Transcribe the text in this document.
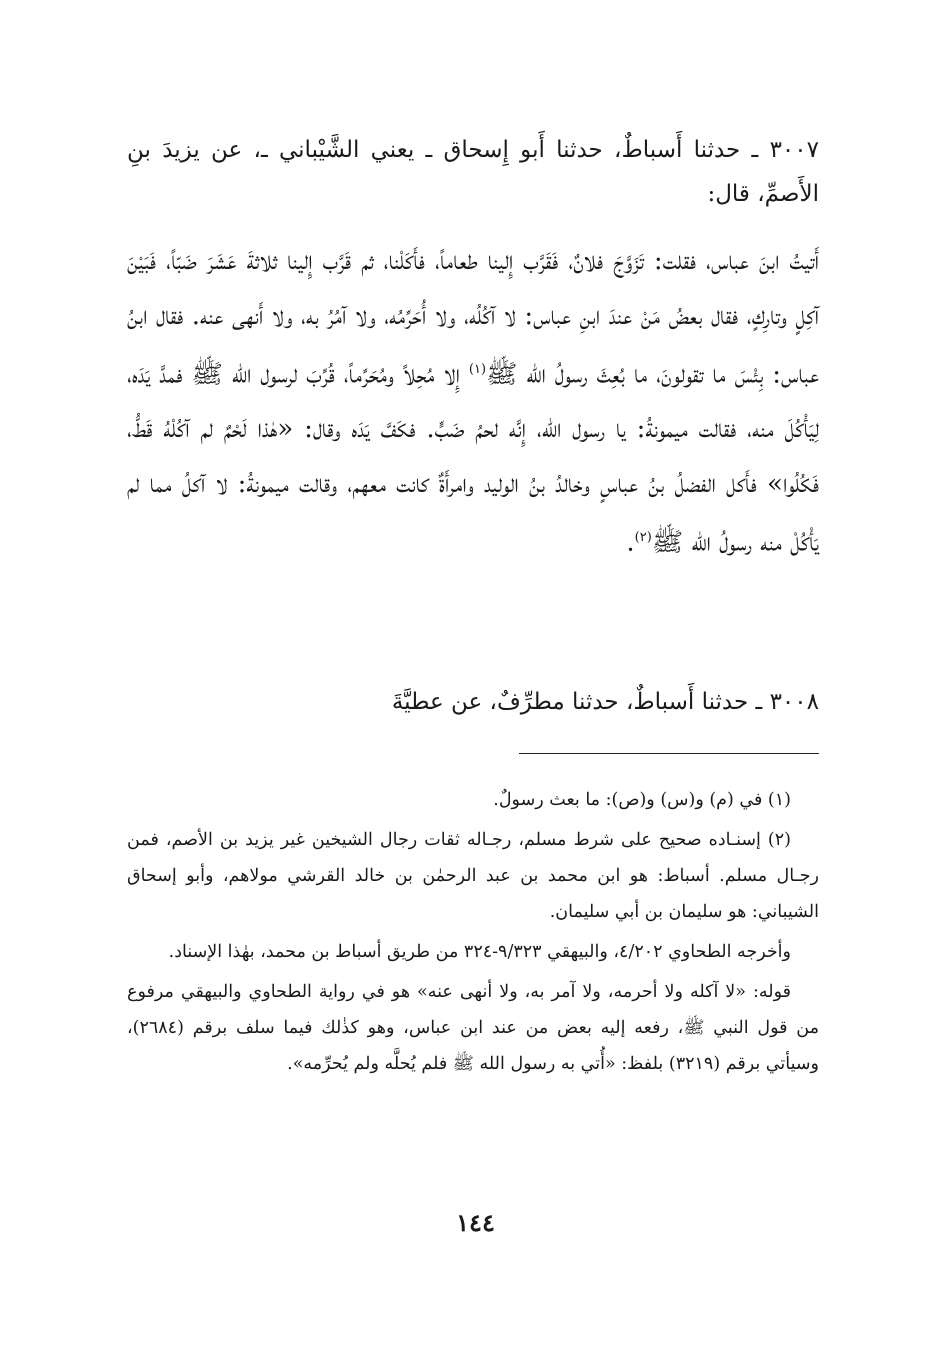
٣٠٠٧ ـ حدثنا أَسباطٌ، حدثنا أَبو إِسحاق ـ يعني الشَّيْباني ـ، عن يزيدَ بنِ الأَصمِّ، قال:
أَتيتُ ابنَ عباس، فقلت: تَزَوَّجَ فلانٌ، فَقَرَّب إِلينا طعاماً، فأَكَلْنا، ثم قَرَّب إِلينا ثلاثةَ عَشَرَ ضَبّاً، فَبَيْنَ آكِلٍ وتارِكٍ، فقال بعضُ مَنْ عندَ ابنِ عباس: لا آكُلُه، ولا أُحَرِّمُه، ولا آمُرُ به، ولا أَنهى عنه. فقال ابنُ عباس: بِئْسَ ما تقولونَ، ما بُعِثَ رسولُ الله ﷺ$^{(١)}$ إِلا مُحِلاً ومُحَرِّماً، قُرِّبَ لرسول الله ﷺ فمدَّ يَدَه، لِيَأْكُلَ منه، فقالت ميمونةُ: يا رسول الله، إِنَّه لحمُ ضَبٍّ. فكَفَّ يَدَه وقال: «هٰذا لَحْمٌ لم آكُلْهُ قَطُّ، فَكُلُوا» فأَكل الفضلُ بنُ عباسٍ وخالدُ بنُ الوليد وامرأَةٌ كانت معهم، وقالت ميمونةُ: لا آكلُ مما لم يَأْكُلْ منه رسولُ الله ﷺ$^{(٢)}$.
٣٠٠٨ ـ حدثنا أَسباطٌ، حدثنا مطرِّفٌ، عن عطيَّةَ

(١) في (م) و(س) و(ص): ما بعث رسولٌ.

(٢) إسنـاده صحيح على شرط مسلم، رجـاله ثقات رجال الشيخين غير يزيد بن الأصم، فمن رجـال مسلم. أسباط: هو ابن محمد بن عبد الرحمٰن بن خالد القرشي مولاهم، وأبو إسحاق الشيباني: هو سليمان بن أبي سليمان.

وأخرجه الطحاوي ٤/٢٠٢، والبيهقي ٩/٣٢٣-٣٢٤ من طريق أسباط بن محمد، بهٰذا الإسناد.

قوله: «لا آكله ولا أحرمه، ولا آمر به، ولا أنهى عنه» هو في رواية الطحاوي والبيهقي مرفوع من قول النبي ﷺ، رفعه إليه بعض من عند ابن عباس، وهو كذٰلك فيما سلف برقم (٢٦٨٤)، وسيأتي برقم (٣٢١٩) بلفظ: «أُتي به رسول الله ﷺ فلم يُحلَّه ولم يُحرِّمه».

١٤٤
